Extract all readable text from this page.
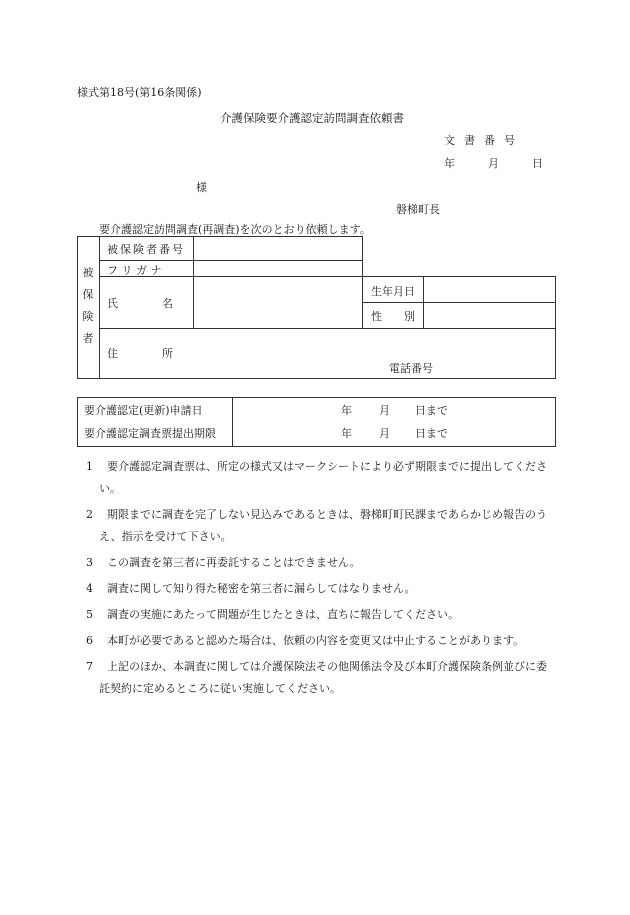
様式第18号(第16条関係)
介護保険要介護認定訪問調査依頼書
文書番号
年	月	日
様
磐梯町長
要介護認定訪問調査(再調査)を次のとおり依頼します。
被
保
険
者
被保険者番号
フ リ ガ ナ
氏　　　　名
生年月日
性　　別
住　　　　所
電話番号
要介護認定(更新)申請日	年 月 日まで
要介護認定調査票提出期限	年 月 日まで
1 要介護認定調査票は、所定の様式又はマークシートにより必ず期限までに提出してください。
2 期限までに調査を完了しない見込みであるときは、磐梯町町民課まであらかじめ報告のうえ、指示を受けて下さい。
3 この調査を第三者に再委託することはできません。
4 調査に関して知り得た秘密を第三者に漏らしてはなりません。
5 調査の実施にあたって問題が生じたときは、直ちに報告してください。
6 本町が必要であると認めた場合は、依頼の内容を変更又は中止することがあります。
7 上記のほか、本調査に関しては介護保険法その他関係法令及び本町介護保険条例並びに委託契約に定めるところに従い実施してください。
